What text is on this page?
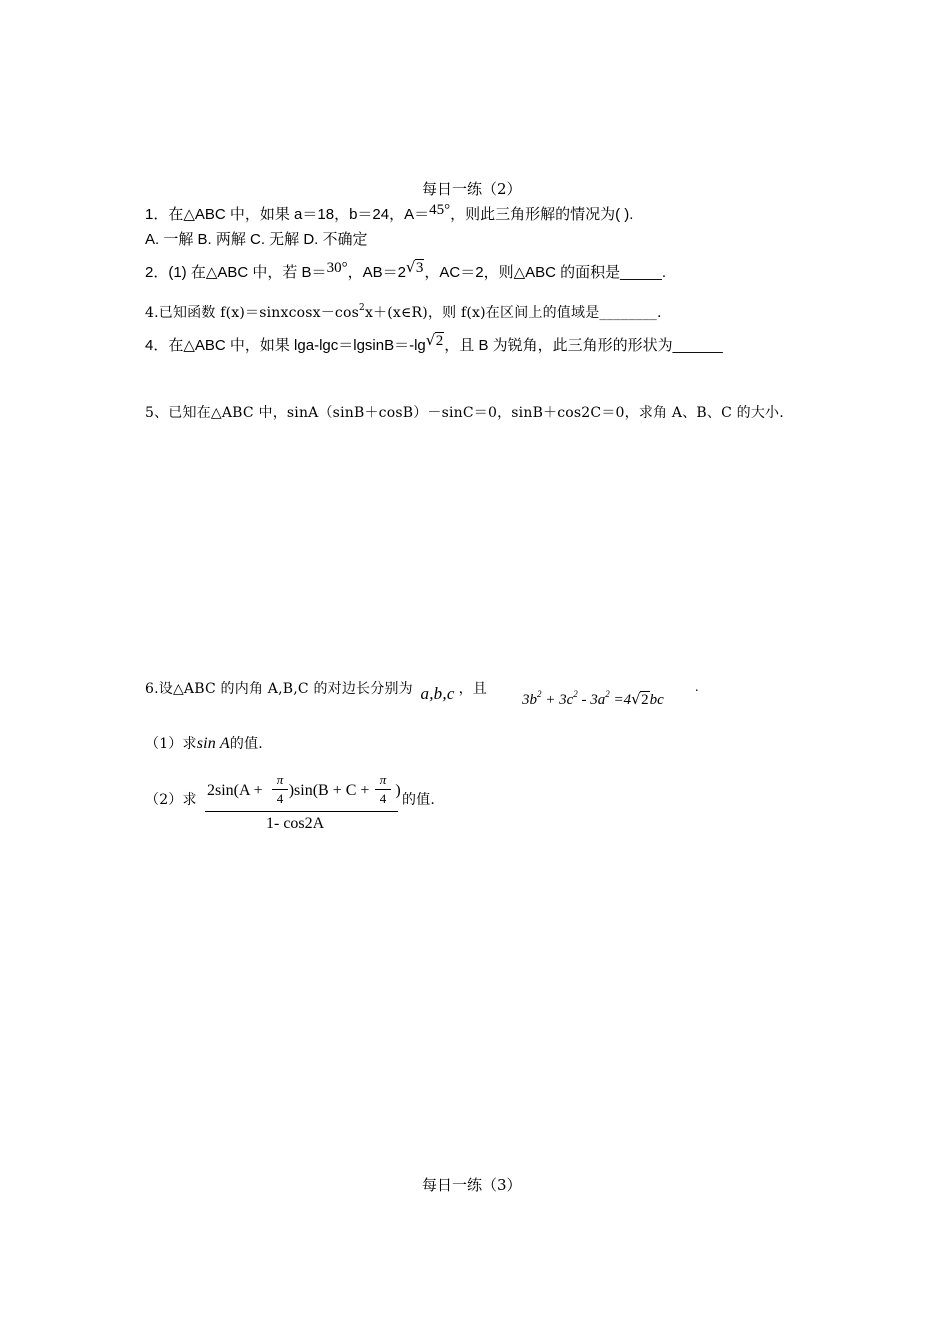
每日一练（2）
1．在△ABC 中，如果 a＝18，b＝24，A＝45°，则此三角形解的情况为( ).
A. 一解 B. 两解 C. 无解 D. 不确定
2．(1) 在△ABC 中，若 B＝30°，AB＝2√ 3，AC＝2，则△ABC 的面积是_____.
4.已知函数 $f(x)=sinxcosx-\cos^2x+(x\in R)$，则 f(x)在区间上的值域是________.
4．在△ABC 中，如果 lga-lgc＝lgsinB＝-lg√ 2，且 B 为锐角，此三角形的形状为______
5、已知在△ABC 中，sinA（sinB＋cosB）－sinC＝0，sinB＋cos2C＝0，求角 A、B、C 的大小.
6.设△ABC 的内角 A,B,C 的对边长分别为 a,b,c ，且
$3b^2 + 3c^2 - 3a^2 =4√$ 2bc
.
（1）求sin A的值.
（2）求
2sin(A +  )sin(B + C +  )
π
4
π
4
1- cos2A
的值.
每日一练（3）
